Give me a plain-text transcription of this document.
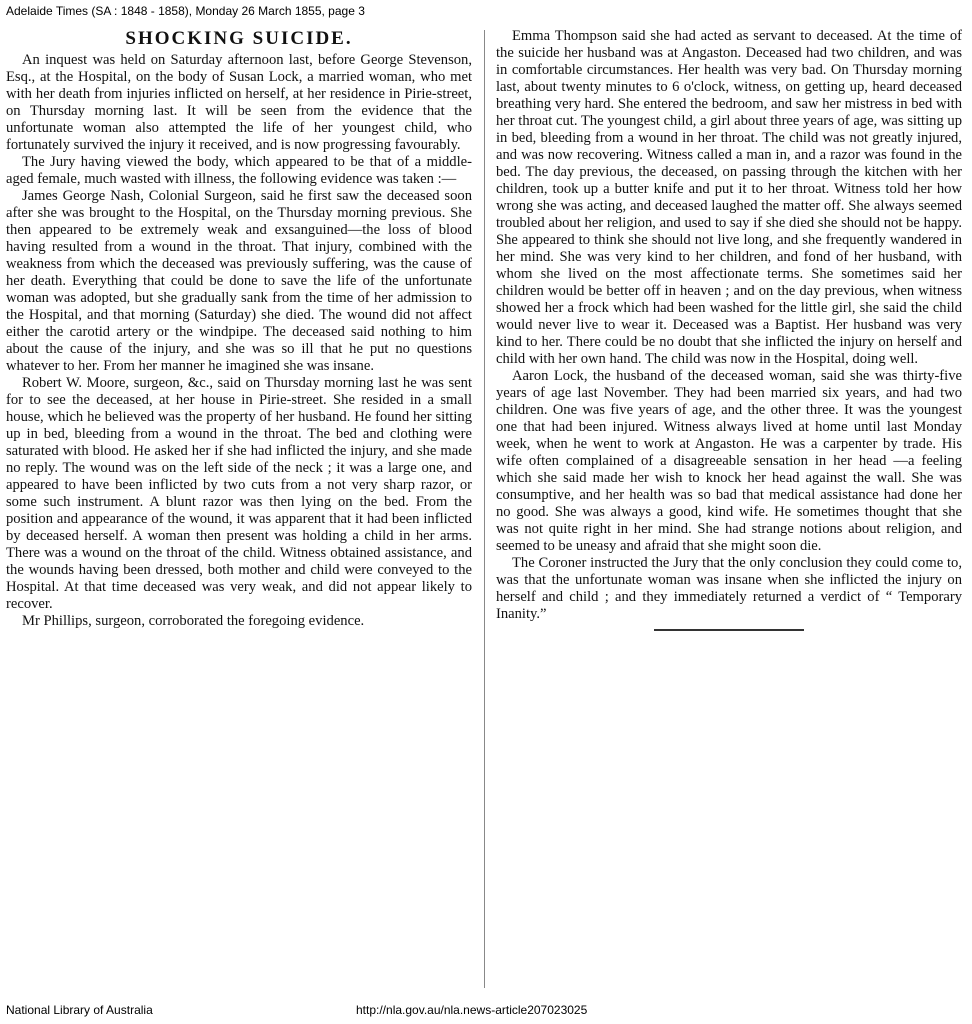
Adelaide Times (SA : 1848 - 1858), Monday 26 March 1855, page 3
SHOCKING SUICIDE.

An inquest was held on Saturday afternoon last, before George Stevenson, Esq., at the Hospital, on the body of Susan Lock, a married woman, who met with her death from injuries inflicted on herself, at her residence in Pirie-street, on Thursday morning last. It will be seen from the evidence that the unfortunate woman also attempted the life of her youngest child, who fortunately survived the injury it received, and is now progressing favourably.

The Jury having viewed the body, which appeared to be that of a middle-aged female, much wasted with illness, the following evidence was taken :—

James George Nash, Colonial Surgeon, said he first saw the deceased soon after she was brought to the Hospital, on the Thursday morning previous. She then appeared to be extremely weak and exsanguined—the loss of blood having resulted from a wound in the throat. That injury, combined with the weakness from which the deceased was previously suffering, was the cause of her death. Everything that could be done to save the life of the unfortunate woman was adopted, but she gradually sank from the time of her admission to the Hospital, and that morning (Saturday) she died. The wound did not affect either the carotid artery or the windpipe. The deceased said nothing to him about the cause of the injury, and she was so ill that he put no questions whatever to her. From her manner he imagined she was insane.

Robert W. Moore, surgeon, &c., said on Thursday morning last he was sent for to see the deceased, at her house in Pirie-street. She resided in a small house, which he believed was the property of her husband. He found her sitting up in bed, bleeding from a wound in the throat. The bed and clothing were saturated with blood. He asked her if she had inflicted the injury, and she made no reply. The wound was on the left side of the neck ; it was a large one, and appeared to have been inflicted by two cuts from a not very sharp razor, or some such instrument. A blunt razor was then lying on the bed. From the position and appearance of the wound, it was apparent that it had been inflicted by deceased herself. A woman then present was holding a child in her arms. There was a wound on the throat of the child. Witness obtained assistance, and the wounds having been dressed, both mother and child were conveyed to the Hospital. At that time deceased was very weak, and did not appear likely to recover.

Mr Phillips, surgeon, corroborated the foregoing evidence.

Emma Thompson said she had acted as servant to deceased. At the time of the suicide her husband was at Angaston. Deceased had two children, and was in comfortable circumstances. Her health was very bad. On Thursday morning last, about twenty minutes to 6 o'clock, witness, on getting up, heard deceased breathing very hard. She entered the bedroom, and saw her mistress in bed with her throat cut. The youngest child, a girl about three years of age, was sitting up in bed, bleeding from a wound in her throat. The child was not greatly injured, and was now recovering. Witness called a man in, and a razor was found in the bed. The day previous, the deceased, on passing through the kitchen with her children, took up a butter knife and put it to her throat. Witness told her how wrong she was acting, and deceased laughed the matter off. She always seemed troubled about her religion, and used to say if she died she should not be happy. She appeared to think she should not live long, and she frequently wandered in her mind. She was very kind to her children, and fond of her husband, with whom she lived on the most affectionate terms. She sometimes said her children would be better off in heaven ; and on the day previous, when witness showed her a frock which had been washed for the little girl, she said the child would never live to wear it. Deceased was a Baptist. Her husband was very kind to her. There could be no doubt that she inflicted the injury on herself and child with her own hand. The child was now in the Hospital, doing well.

Aaron Lock, the husband of the deceased woman, said she was thirty-five years of age last November. They had been married six years, and had two children. One was five years of age, and the other three. It was the youngest one that had been injured. Witness always lived at home until last Monday week, when he went to work at Angaston. He was a carpenter by trade. His wife often complained of a disagreeable sensation in her head —a feeling which she said made her wish to knock her head against the wall. She was consumptive, and her health was so bad that medical assistance had done her no good. She was always a good, kind wife. He sometimes thought that she was not quite right in her mind. She had strange notions about religion, and seemed to be uneasy and afraid that she might soon die.

The Coroner instructed the Jury that the only conclusion they could come to, was that the unfortunate woman was insane when she inflicted the injury on herself and child ; and they immediately returned a verdict of “ Temporary Inanity.”

National Library of Australia	http://nla.gov.au/nla.news-article207023025
